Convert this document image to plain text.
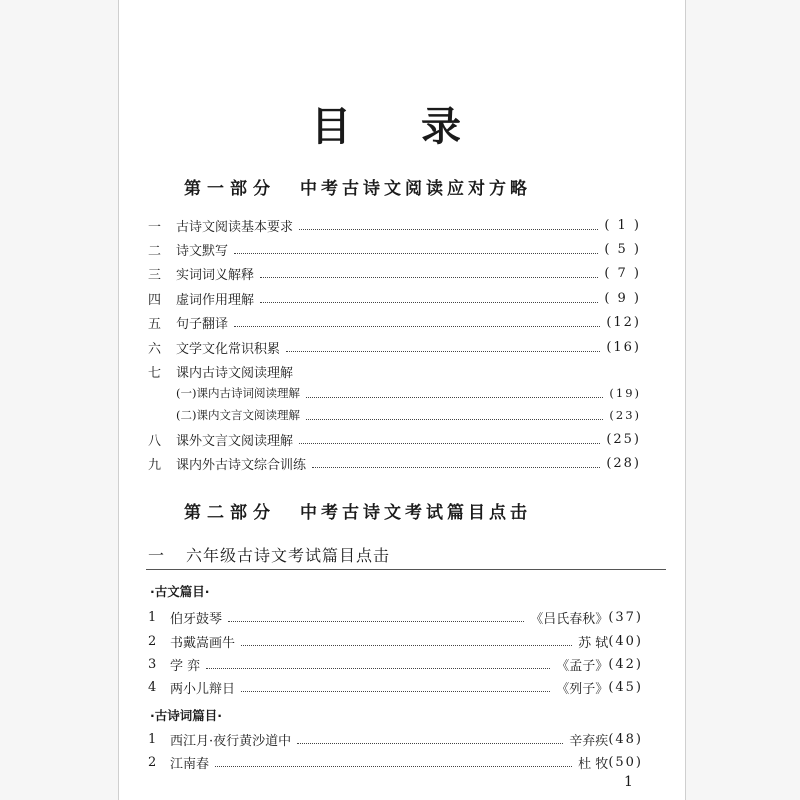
目 录
第一部分 中考古诗文阅读应对方略
一	古诗文阅读基本要求	( 1 )
二	诗文默写	( 5 )
三	实词词义解释	( 7 )
四	虚词作用理解	( 9 )
五	句子翻译	(12)
六	文学文化常识积累	(16)
七	课内古诗文阅读理解
(一)课内古诗词阅读理解	(19)
(二)课内文言文阅读理解	(23)
八	课外文言文阅读理解	(25)
九	课内外古诗文综合训练	(28)
第二部分 中考古诗文考试篇目点击
一 六年级古诗文考试篇目点击
·古文篇目·
1	伯牙鼓琴	《吕氏春秋》 (37)
2	书戴嵩画牛	苏 轼 (40)
3	学 弈	《孟子》 (42)
4	两小儿辩日	《列子》 (45)
·古诗词篇目·
1	西江月·夜行黄沙道中	辛弃疾 (48)
2	江南春	杜 牧 (50)
1
